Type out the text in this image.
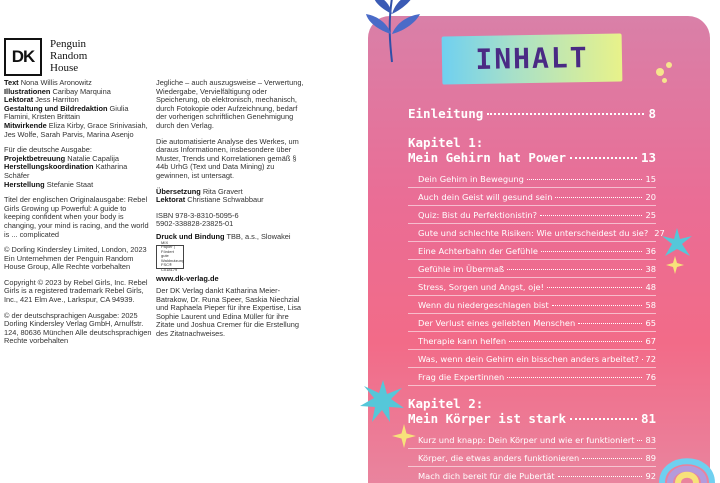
DK
Penguin
Random
House
Text Nona Willis Aronowitz
Illustrationen Caribay Marquina
Lektorat Jess Harriton
Gestaltung und Bildredaktion Giulia Flamini, Kristen Brittain
Mitwirkende Eliza Kirby, Grace Srinivasiah, Jes Wolfe, Sarah Parvis, Marina Asenjo
Für die deutsche Ausgabe:
Projektbetreuung Natalie Capalija
Herstellungskoordination Katharina Schäfer
Herstellung Stefanie Staat
Titel der englischen Originalausgabe: Rebel Girls Growing up Powerful: A guide to keeping confident when your body is changing, your mind is racing, and the world is ... complicated
© Dorling Kindersley Limited, London, 2023 Ein Unternehmen der Penguin Random House Group, Alle Rechte vorbehalten
Copyright © 2023 by Rebel Girls, Inc. Rebel Girls is a registered trademark Rebel Girls, Inc., 421 Elm Ave., Larkspur, CA 94939.
© der deutschsprachigen Ausgabe: 2025 Dorling Kindersley Verlag GmbH, Arnulfstr. 124, 80636 München Alle deutschsprachigen Rechte vorbehalten
Jegliche – auch auszugsweise – Verwertung, Wiedergabe, Vervielfältigung oder Speicherung, ob elektronisch, mechanisch, durch Fotokopie oder Aufzeichnung, bedarf der vorherigen schriftlichen Genehmigung durch den Verlag.
Die automatisierte Analyse des Werkes, um daraus Informationen, insbesondere über Muster, Trends und Korrelationen gemäß § 44b UrhG (Text und Data Mining) zu gewinnen, ist untersagt.
Übersetzung Rita Gravert
Lektorat Christiane Schwabbaur
ISBN 978-3-8310-5095-6
5902-338828-23825-01
Druck und Bindung TBB, a.s., Slowakei
MIX
Papier | Fördert
gute Waldnutzung
FSC® C018179
www.dk-verlag.de
Der DK Verlag dankt Katharina Meier-Batrakow, Dr. Runa Speer, Saskia Niechzial und Raphaela Pieper für ihre Expertise, Lisa Sophie Laurent und Edina Müller für ihre Zitate und Joshua Cremer für die Erstellung des Zitatnachweises.
INHALT
Einleitung	8
Kapitel 1:
Mein Gehirn hat Power	13
Dein Gehirn in Bewegung	15
Auch dein Geist will gesund sein	20
Quiz: Bist du Perfektionistin?	25
Gute und schlechte Risiken: Wie unterscheidest du sie? 27
Eine Achterbahn der Gefühle	36
Gefühle im Übermaß	38
Stress, Sorgen und Angst, oje!	48
Wenn du niedergeschlagen bist	58
Der Verlust eines geliebten Menschen	65
Therapie kann helfen	67
Was, wenn dein Gehirn ein bisschen anders arbeitet? 72
Frag die Expertinnen	76
Kapitel 2:
Mein Körper ist stark	81
Kurz und knapp: Dein Körper und wie er funktioniert 83
Körper, die etwas anders funktionieren	89
Mach dich bereit für die Pubertät	92
